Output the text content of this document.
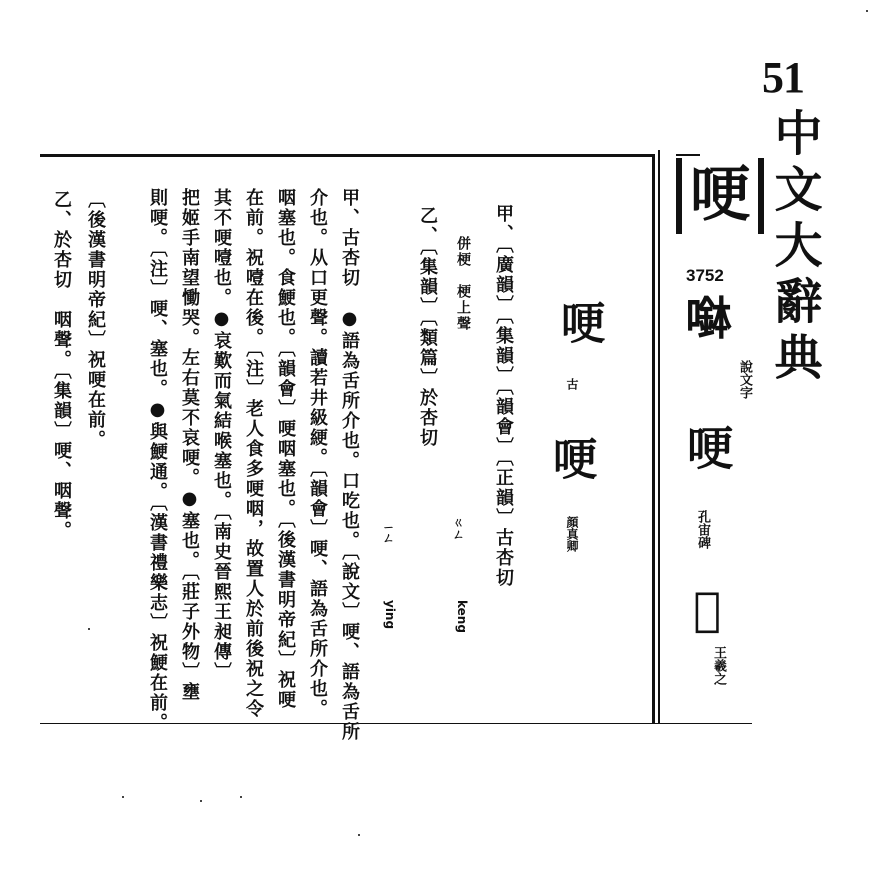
51
中文大辭典
哽
3752
𡀖
說文字
哽
孔宙碑
𠰳
王羲之
哽
古
哽
顔真卿
ㄍㄥ
ㄧㄥ
keng
ying
併梗　梗上聲 甲、〔廣韻〕〔集韻〕〔韻會〕〔正韻〕古杏切
乙、〔集韻〕〔類篇〕於杏切
甲、古杏切　●語為舌所介也。口吃也。〔說文〕哽、語為舌所
介也。从口更聲。讀若井級綆。〔韻會〕哽、語為舌所介也。
咽塞也。食鯁也。〔韻會〕哽咽塞也。〔後漢書明帝紀〕祝哽
在前。祝噎在後。〔注〕老人食多哽咽，故置人於前後祝之令
其不哽噎也。●哀歎而氣結喉塞也。〔南史晉熙王昶傳〕
把姬手南望慟哭。左右莫不哀哽。●塞也。〔莊子外物〕壅
則哽。〔注〕哽、塞也。●與鯁通。〔漢書禮樂志〕祝鯁在前。
〔後漢書明帝紀〕祝哽在前。
乙、於杏切　咽聲。〔集韻〕哽、咽聲。
